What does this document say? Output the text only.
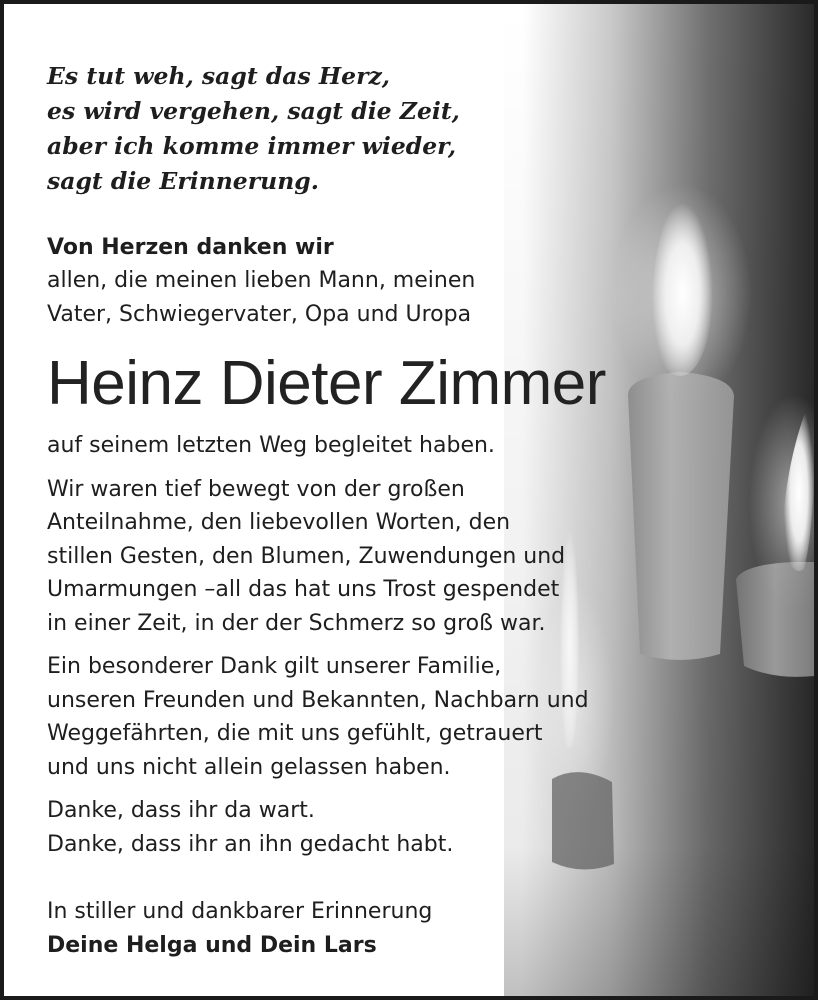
Es tut weh, sagt das Herz,

es wird vergehen, sagt die Zeit,

aber ich komme immer wieder,

sagt die Erinnerung.

Von Herzen danken wir
allen, die meinen lieben Mann, meinen
Vater, Schwiegervater, Opa und Uropa
Heinz Dieter Zimmer
auf seinem letzten Weg begleitet haben.
Wir waren tief bewegt von der großen
Anteilnahme, den liebevollen Worten, den
stillen Gesten, den Blumen, Zuwendungen und
Umarmungen –all das hat uns Trost gespendet
in einer Zeit, in der der Schmerz so groß war.
Ein besonderer Dank gilt unserer Familie,
unseren Freunden und Bekannten, Nachbarn und
Weggefährten, die mit uns gefühlt, getrauert
und uns nicht allein gelassen haben.
Danke, dass ihr da wart.
Danke, dass ihr an ihn gedacht habt.
In stiller und dankbarer Erinnerung
Deine Helga und Dein Lars
